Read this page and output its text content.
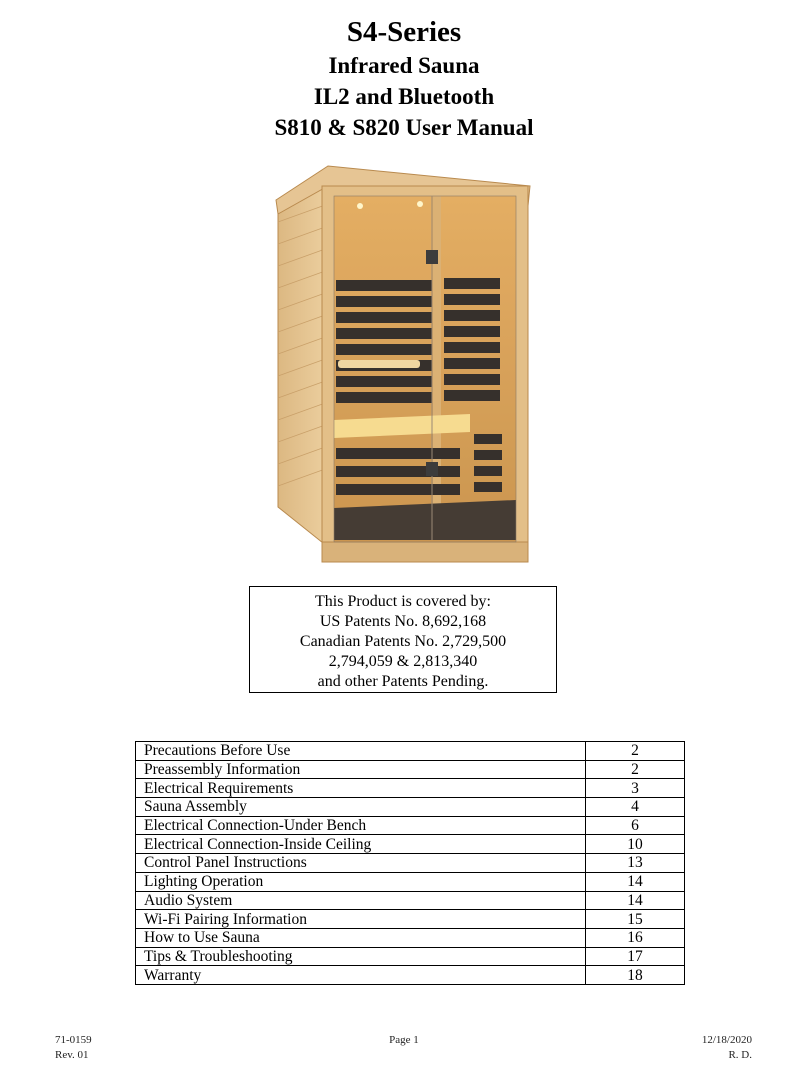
S4-Series
Infrared Sauna
IL2 and Bluetooth
S810 & S820 User Manual
This Product is covered by:
US Patents No. 8,692,168
Canadian Patents No. 2,729,500
2,794,059 & 2,813,340
and other Patents Pending.
Precautions Before Use	2
Preassembly Information	2
Electrical Requirements	3
Sauna Assembly	4
Electrical Connection-Under Bench	6
Electrical Connection-Inside Ceiling	10
Control Panel Instructions	13
Lighting Operation	14
Audio System	14
Wi-Fi Pairing Information	15
How to Use Sauna	16
Tips & Troubleshooting	17
Warranty	18
71-0159
Rev. 01
Page 1	12/18/2020
R. D.
